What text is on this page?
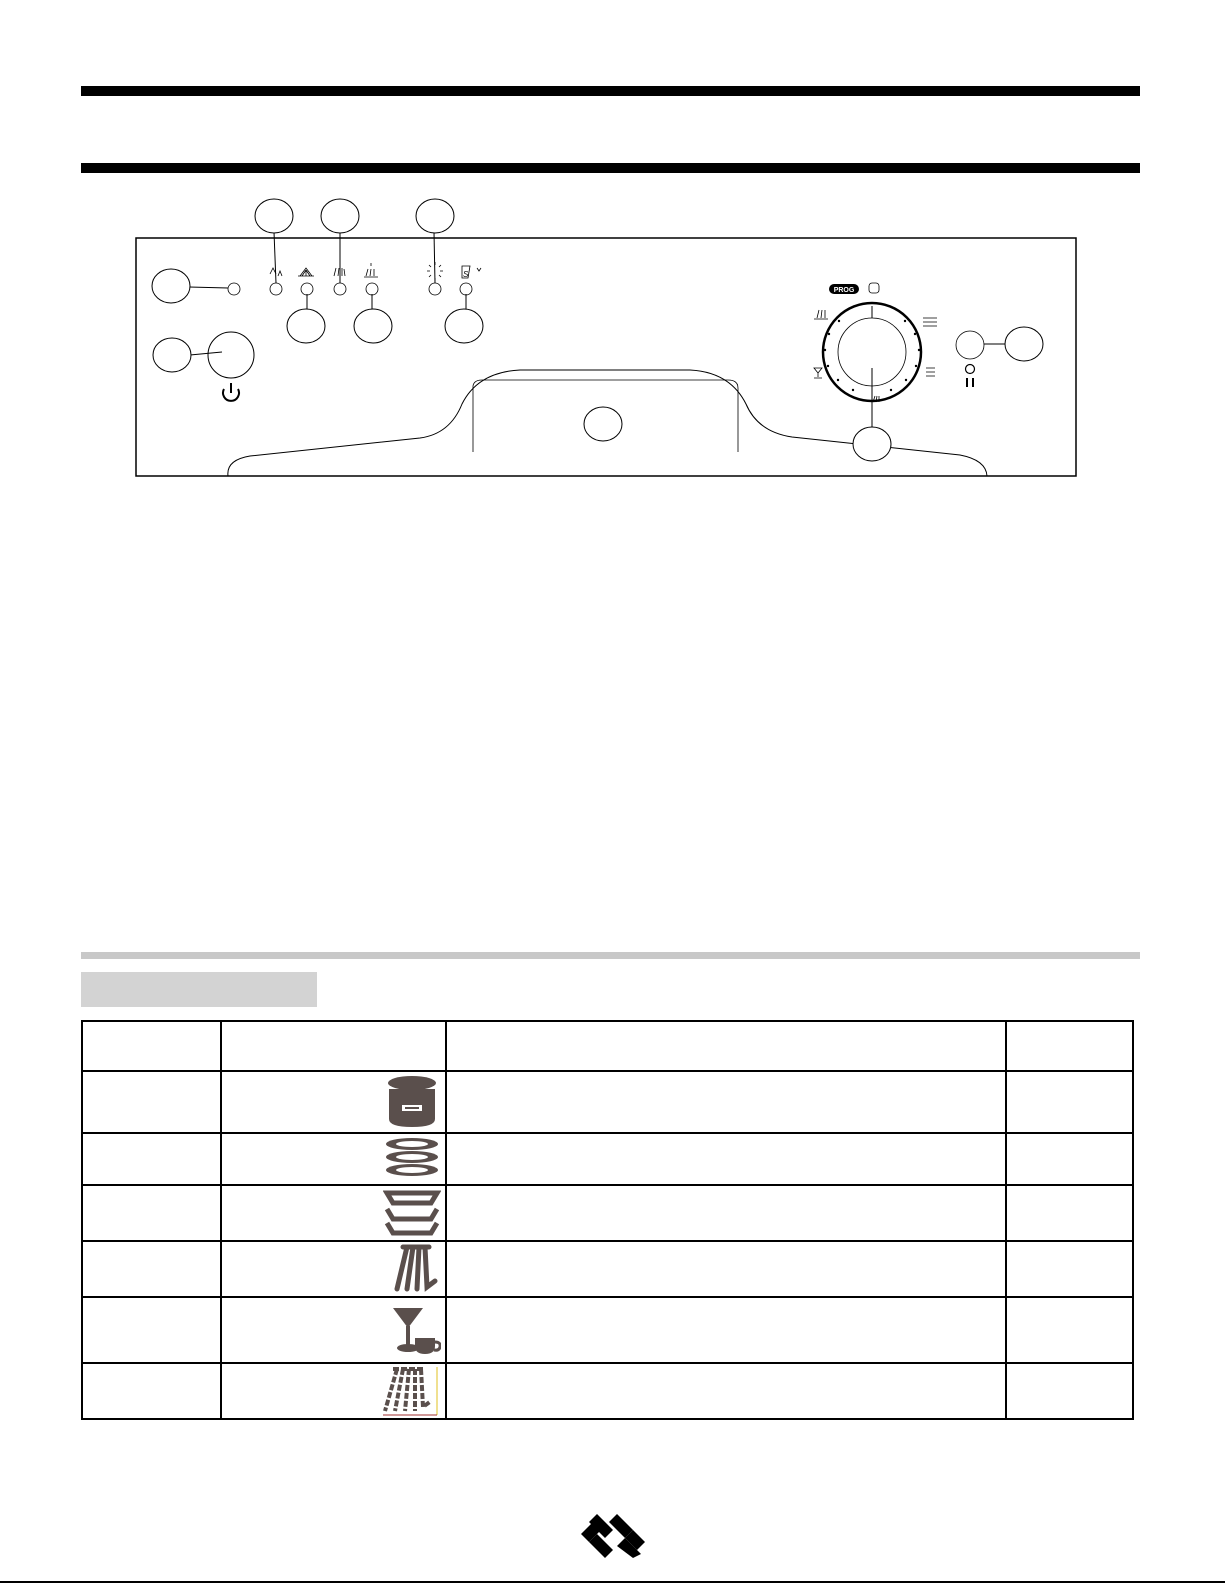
S
PROG
